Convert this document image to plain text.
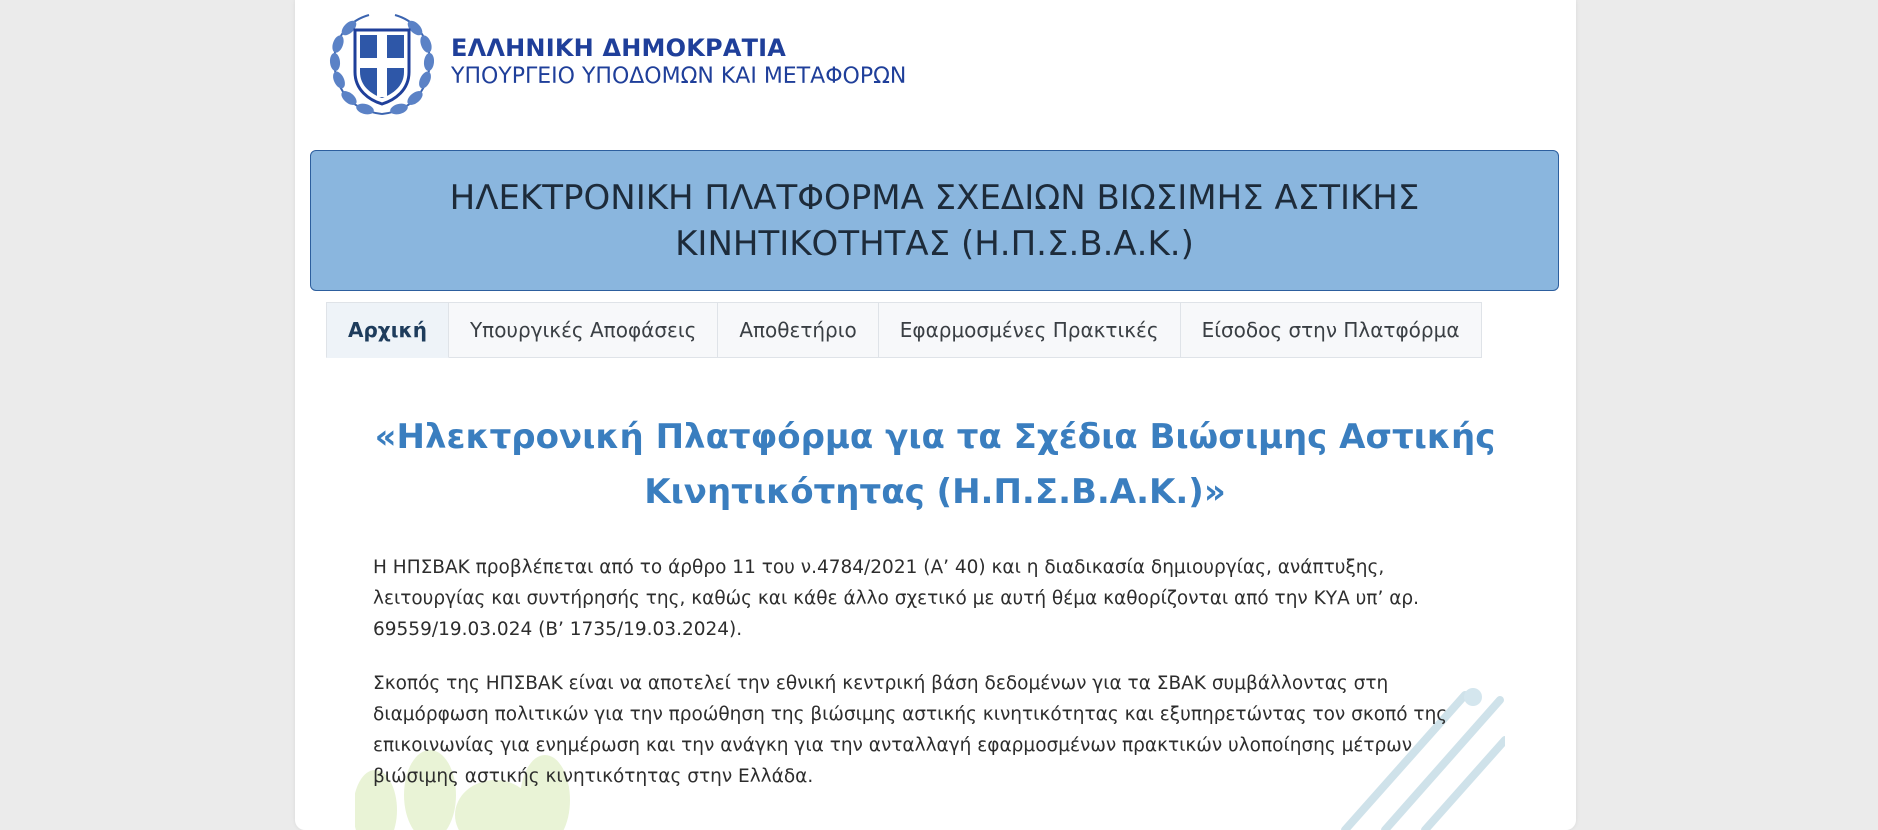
ΕΛΛΗΝΙΚΗ ΔΗΜΟΚΡΑΤΙΑ
ΥΠΟΥΡΓΕΙΟ ΥΠΟΔΟΜΩΝ ΚΑΙ ΜΕΤΑΦΟΡΩΝ
ΗΛΕΚΤΡΟΝΙΚΗ ΠΛΑΤΦΟΡΜΑ ΣΧΕΔΙΩΝ ΒΙΩΣΙΜΗΣ ΑΣΤΙΚΗΣ ΚΙΝΗΤΙΚΟΤΗΤΑΣ (Η.Π.Σ.Β.Α.Κ.)
Αρχική	Υπουργικές Αποφάσεις	Αποθετήριο	Εφαρμοσμένες Πρακτικές	Είσοδος στην Πλατφόρμα
«Ηλεκτρονική Πλατφόρμα για τα Σχέδια Βιώσιμης Αστικής Κινητικότητας (Η.Π.Σ.Β.Α.Κ.)»

Η ΗΠΣΒΑΚ προβλέπεται από το άρθρο 11 του ν.4784/2021 (Α’ 40) και η διαδικασία δημιουργίας, ανάπτυξης, λειτουργίας και συντήρησής της, καθώς και κάθε άλλο σχετικό με αυτή θέμα καθορίζονται από την ΚΥΑ υπ’ αρ. 69559/19.03.024 (Β’ 1735/19.03.2024).

Σκοπός της ΗΠΣΒΑΚ είναι να αποτελεί την εθνική κεντρική βάση δεδομένων για τα ΣΒΑΚ συμβάλλοντας στη διαμόρφωση πολιτικών για την προώθηση της βιώσιμης αστικής κινητικότητας και εξυπηρετώντας τον σκοπό της επικοινωνίας για ενημέρωση και την ανάγκη για την ανταλλαγή εφαρμοσμένων πρακτικών υλοποίησης μέτρων βιώσιμης αστικής κινητικότητας στην Ελλάδα.
